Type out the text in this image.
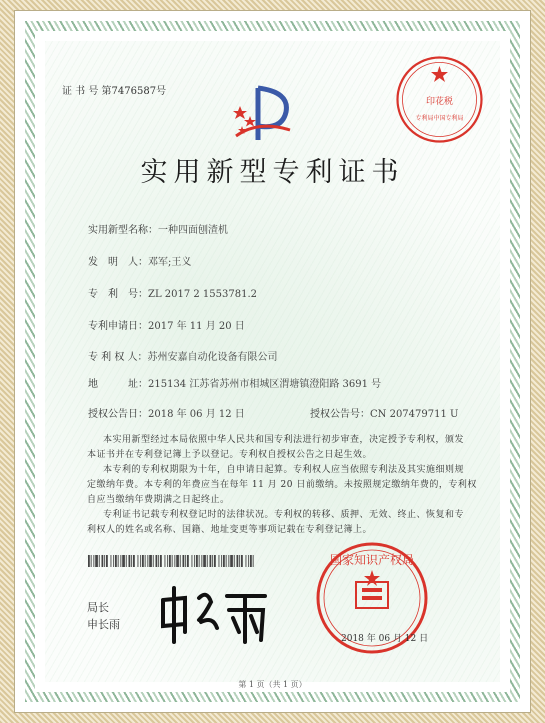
证 书 号 第7476587号
实用新型专利证书
实用新型名称：一种四面刨渣机
发　明　人：邓军;王义
专　利　号：ZL 2017 2 1553781.2
专利申请日：2017 年 11 月 20 日
专 利 权 人：苏州安嘉自动化设备有限公司
地　　　址：215134 江苏省苏州市相城区渭塘镇澄阳路 3691 号
授权公告日：2018 年 06 月 12 日	授权公告号：CN 207479711 U
本实用新型经过本局依照中华人民共和国专利法进行初步审查，决定授予专利权，颁发
本证书并在专利登记簿上予以登记。专利权自授权公告之日起生效。
本专利的专利权期限为十年，自申请日起算。专利权人应当依照专利法及其实施细则规
定缴纳年费。本专利的年费应当在每年 11 月 20 日前缴纳。未按照规定缴纳年费的，专利权
自应当缴纳年费期满之日起终止。
专利证书记载专利权登记时的法律状况。专利权的转移、质押、无效、终止、恢复和专
利权人的姓名或名称、国籍、地址变更等事项记载在专利登记簿上。
印花税
专利局中国专利局
国家知识产权局
2018 年 06 月 12 日
局长
申长雨
第 1 页（共 1 页）
